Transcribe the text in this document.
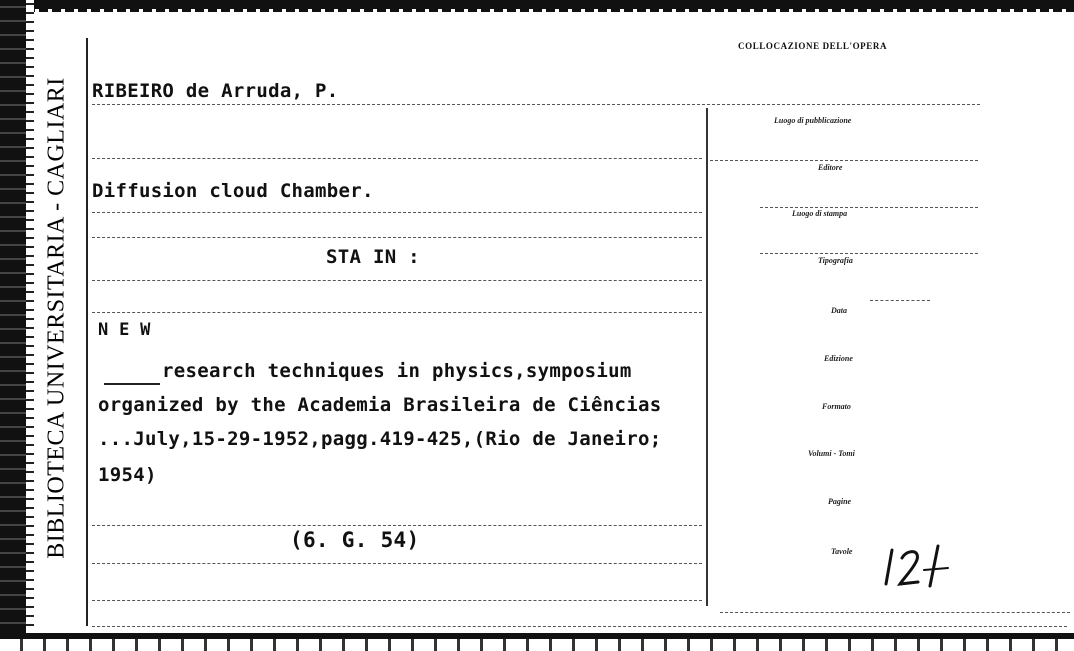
BIBLIOTECA UNIVERSITARIA - CAGLIARI
COLLOCAZIONE DELL'OPERA
RIBEIRO de Arruda, P.
Diffusion cloud Chamber.
STA IN :
N E W
research techniques in physics,symposium
organized by the Academia Brasileira de Ciências
...July,15-29-1952,pagg.419-425,(Rio de Janeiro;
1954)
(6. G. 54)
Luogo di pubblicazione
Editore
Luogo di stampa
Tipografia
Data
Edizione
Formato
Volumi - Tomi
Pagine
Tavole
